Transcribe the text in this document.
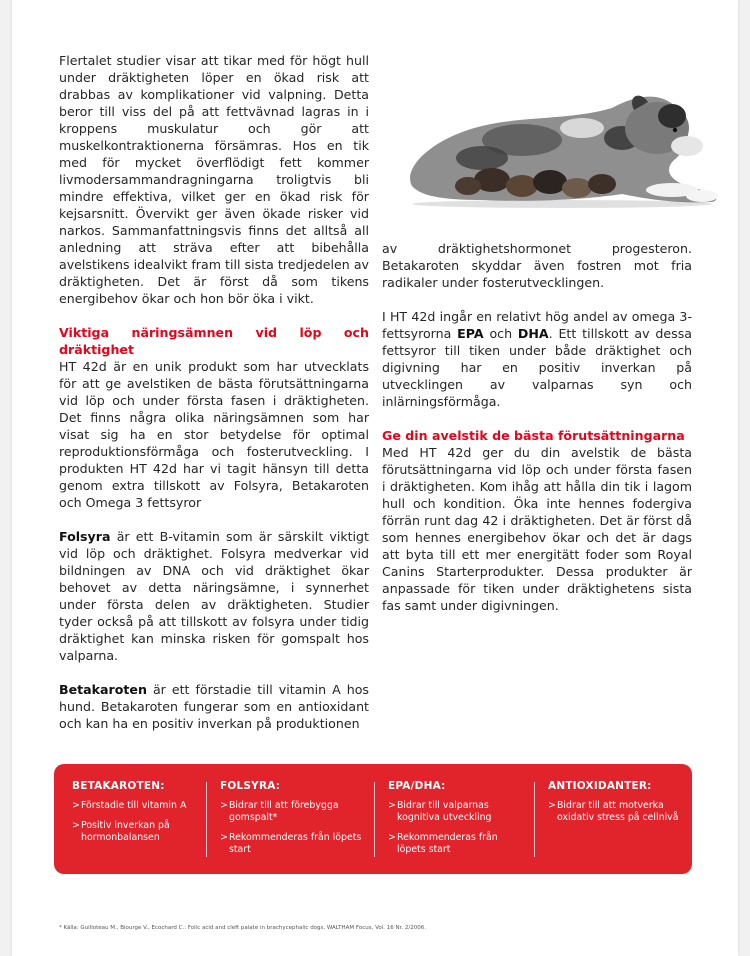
Flertalet studier visar att tikar med för högt hull under dräktigheten löper en ökad risk att drabbas av komplikationer vid valpning. Detta beror till viss del på att fettvävnad lagras in i kroppens muskulatur och gör att muskelkontraktionerna försämras. Hos en tik med för mycket överflödigt fett kommer livmodersammandragningarna troligtvis bli mindre effektiva, vilket ger en ökad risk för kejsarsnitt. Övervikt ger även ökade risker vid narkos. Sammanfattningsvis finns det alltså all anledning att sträva efter att bibehålla avelstikens idealvikt fram till sista tredjedelen av dräktigheten. Det är först då som tikens energibehov ökar och hon bör öka i vikt.

Viktiga näringsämnen vid löp och dräktighet

HT 42d är en unik produkt som har utvecklats för att ge avelstiken de bästa förutsättningarna vid löp och under första fasen i dräktigheten. Det finns några olika näringsämnen som har visat sig ha en stor betydelse för optimal reproduktionsförmåga och fosterutveckling. I produkten HT 42d har vi tagit hänsyn till detta genom extra tillskott av Folsyra, Betakaroten och Omega 3 fettsyror

Folsyra är ett B-vitamin som är särskilt viktigt vid löp och dräktighet. Folsyra medverkar vid bildningen av DNA och vid dräktighet ökar behovet av detta näringsämne, i synnerhet under första delen av dräktigheten. Studier tyder också på att tillskott av folsyra under tidig dräktighet kan minska risken för gomspalt hos valparna.

Betakaroten är ett förstadie till vitamin A hos hund. Betakaroten fungerar som en antioxidant och kan ha en positiv inverkan på produktionen

av dräktighetshormonet progesteron. Betakaroten skyddar även fostren mot fria radikaler under fosterutvecklingen.

I HT 42d ingår en relativt hög andel av omega 3-fettsyrorna EPA och DHA. Ett tillskott av dessa fettsyror till tiken under både dräktighet och digivning har en positiv inverkan på utvecklingen av valparnas syn och inlärningsförmåga.

Ge din avelstik de bästa förutsättningarna

Med HT 42d ger du din avelstik de bästa förutsättningarna vid löp och under första fasen i dräktigheten. Kom ihåg att hålla din tik i lagom hull och kondition. Öka inte hennes fodergiva förrän runt dag 42 i dräktigheten. Det är först då som hennes energibehov ökar och det är dags att byta till ett mer energitätt foder som Royal Canins Starterprodukter. Dessa produkter är anpassade för tiken under dräktighetens sista fas samt under digivningen.

BETAKAROTEN:

> Förstadie till vitamin A

> Positiv inverkan på hormonbalansen

FOLSYRA:

> Bidrar till att förebygga gomspalt*

> Rekommenderas från löpets start

EPA/DHA:

> Bidrar till valparnas kognitiva utveckling

> Rekommenderas från löpets start

ANTIOXIDANTER:

> Bidrar till att motverka oxidativ stress på cellnivå

* Källa: Guilloteau M., Biourge V., Ecochard C.: Folic acid and cleft palate in brachycephalic dogs, WALTHAM Focus, Vol. 16 Nr. 2/2006.
